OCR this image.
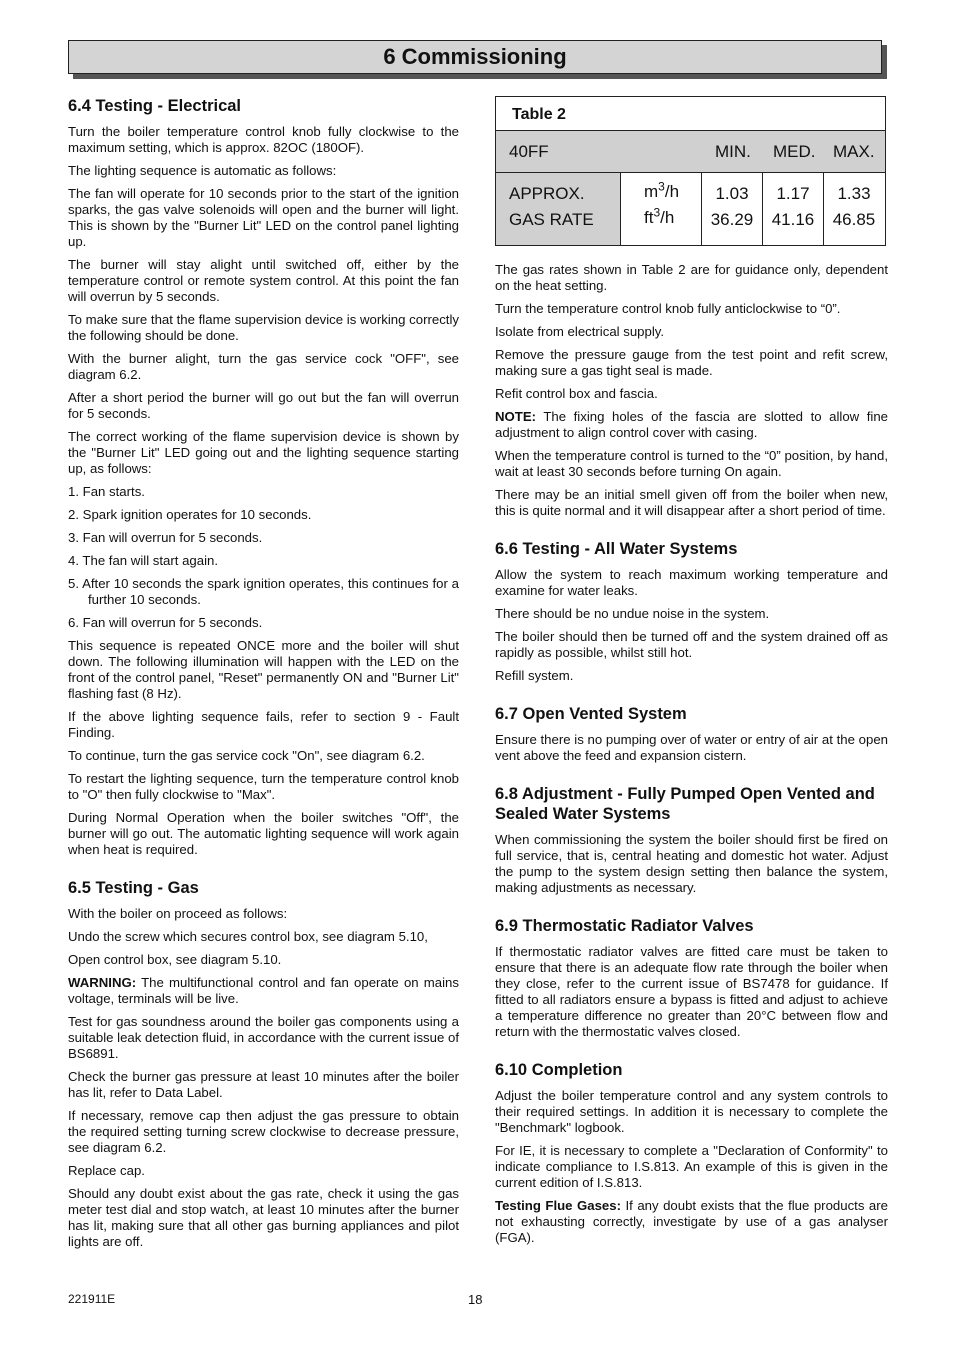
6 Commissioning
6.4 Testing - Electrical

Turn the boiler temperature control knob fully clockwise to the maximum setting, which is approx. 82OC (180OF).

The lighting sequence is automatic as follows:

The fan will operate for 10 seconds prior to the start of the ignition sparks, the gas valve solenoids will open and the burner will light. This is shown by the "Burner Lit" LED on the control panel lighting up.

The burner will stay alight until switched off, either by the temperature control or remote system control. At this point the fan will overrun by 5 seconds.

To make sure that the flame supervision device is working correctly the following should be done.

With the burner alight, turn the gas service cock "OFF", see diagram 6.2.

After a short period the burner will go out but the fan will overrun for 5 seconds.

The correct working of the flame supervision device is shown by the "Burner Lit" LED going out and the lighting sequence starting up, as follows:

1. Fan starts.
2. Spark ignition operates for 10 seconds.
3. Fan will overrun for 5 seconds.
4. The fan will start again.
5. After 10 seconds the spark ignition operates, this continues for a further 10 seconds.
6. Fan will overrun for 5 seconds.

This sequence is repeated ONCE more and the boiler will shut down. The following illumination will happen with the LED on the front of the control panel, "Reset" permanently ON and "Burner Lit" flashing fast (8 Hz).

If the above lighting sequence fails, refer to section 9 - Fault Finding.

To continue, turn the gas service cock "On", see diagram 6.2.

To restart the lighting sequence, turn the temperature control knob to "O" then fully clockwise to "Max".

During Normal Operation when the boiler switches "Off", the burner will go out. The automatic lighting sequence will work again when heat is required.

6.5 Testing - Gas

With the boiler on proceed as follows:

Undo the screw which secures control box, see diagram 5.10,

Open control box, see diagram 5.10.

WARNING: The multifunctional control and fan operate on mains voltage, terminals will be live.

Test for gas soundness around the boiler gas components using a suitable leak detection fluid, in accordance with the current issue of BS6891.

Check the burner gas pressure at least 10 minutes after the boiler has lit, refer to Data Label.

If necessary, remove cap then adjust the gas pressure to obtain the required setting turning screw clockwise to decrease pressure, see diagram 6.2.

Replace cap.

Should any doubt exist about the gas rate, check it using the gas meter test dial and stop watch, at least 10 minutes after the burner has lit, making sure that all other gas burning appliances and pilot lights are off.

Table 2
40FF	MIN. MED. MAX.
APPROX.
GAS RATE
$m^3/h$
$ft^3/h$
1.03
36.29
1.17
41.16
1.33
46.85

The gas rates shown in Table 2 are for guidance only, dependent on the heat setting.

Turn the temperature control knob fully anticlockwise to “0”.

Isolate from electrical supply.

Remove the pressure gauge from the test point and refit screw, making sure a gas tight seal is made.

Refit control box and fascia.

NOTE: The fixing holes of the fascia are slotted to allow fine adjustment to align control cover with casing.

When the temperature control is turned to the “0” position, by hand, wait at least 30 seconds before turning On again.

There may be an initial smell given off from the boiler when new, this is quite normal and it will disappear after a short period of time.

6.6 Testing - All Water Systems

Allow the system to reach maximum working temperature and examine for water leaks.

There should be no undue noise in the system.

The boiler should then be turned off and the system drained off as rapidly as possible, whilst still hot.

Refill system.

6.7 Open Vented System

Ensure there is no pumping over of water or entry of air at the open vent above the feed and expansion cistern.

6.8 Adjustment - Fully Pumped Open Vented and Sealed Water Systems

When commissioning the system the boiler should first be fired on full service, that is, central heating and domestic hot water. Adjust the pump to the system design setting then balance the system, making adjustments as necessary.

6.9 Thermostatic Radiator Valves

If thermostatic radiator valves are fitted care must be taken to ensure that there is an adequate flow rate through the boiler when they close, refer to the current issue of BS7478 for guidance. If fitted to all radiators ensure a bypass is fitted and adjust to achieve a temperature difference no greater than 20°C between flow and return with the thermostatic valves closed.

6.10 Completion

Adjust the boiler temperature control and any system controls to their required settings. In addition it is necessary to complete the "Benchmark" logbook.

For IE, it is necessary to complete a "Declaration of Conformity" to indicate compliance to I.S.813. An example of this is given in the current edition of I.S.813.

Testing Flue Gases: If any doubt exists that the flue products are not exhausting correctly, investigate by use of a gas analyser (FGA).

221911E	18
